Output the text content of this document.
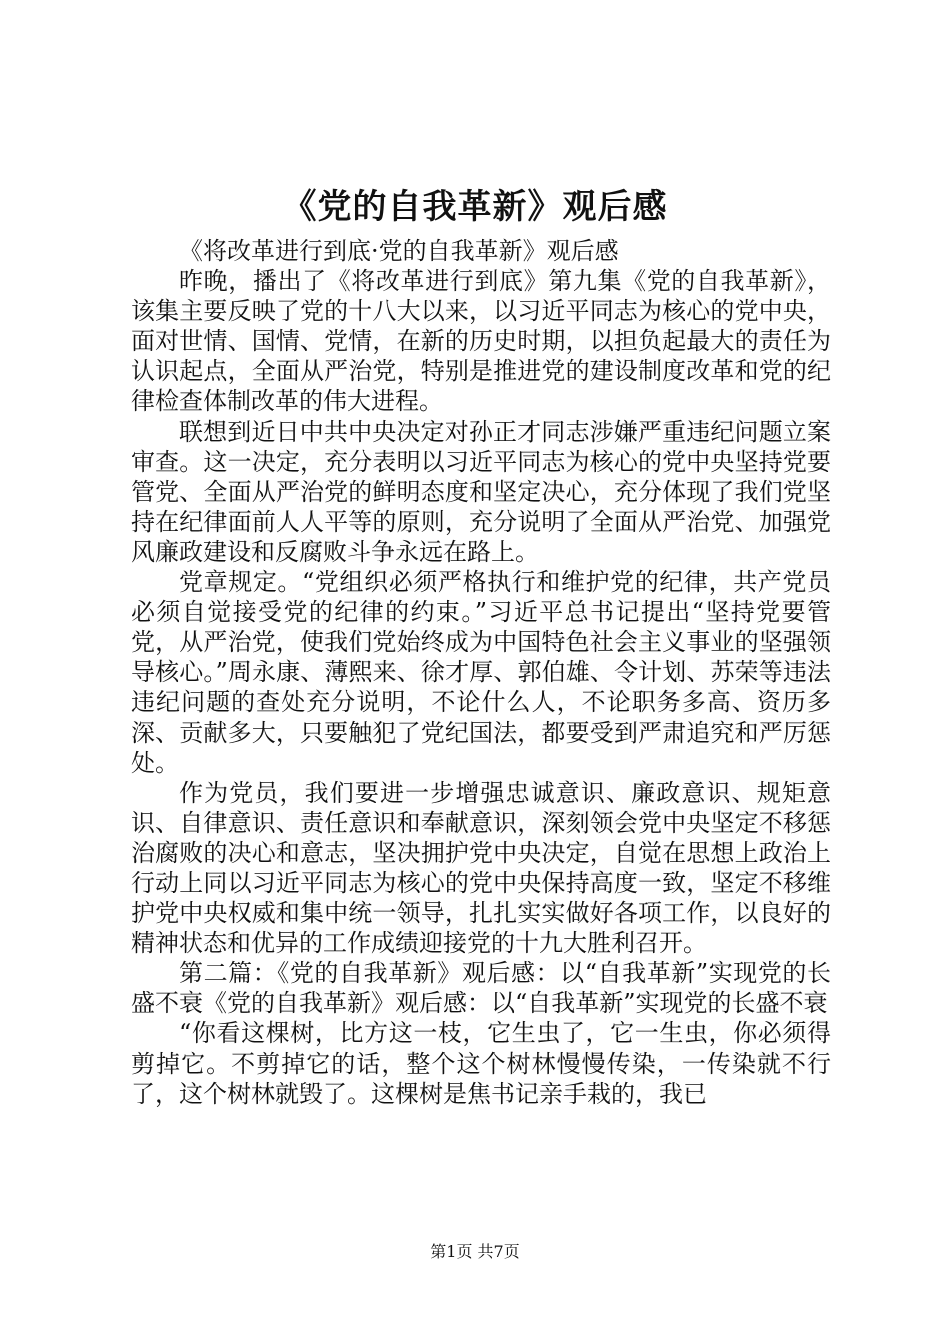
《党的自我革新》观后感

《将改革进行到底·党的自我革新》观后感

昨晚，播出了《将改革进行到底》第九集《党的自我革新》，该集主要反映了党的十八大以来，以习近平同志为核心的党中央，面对世情、国情、党情，在新的历史时期，以担负起最大的责任为认识起点，全面从严治党，特别是推进党的建设制度改革和党的纪律检查体制改革的伟大进程。

联想到近日中共中央决定对孙正才同志涉嫌严重违纪问题立案审查。这一决定，充分表明以习近平同志为核心的党中央坚持党要管党、全面从严治党的鲜明态度和坚定决心，充分体现了我们党坚持在纪律面前人人平等的原则，充分说明了全面从严治党、加强党风廉政建设和反腐败斗争永远在路上。

党章规定。“党组织必须严格执行和维护党的纪律，共产党员必须自觉接受党的纪律的约束。”习近平总书记提出“坚持党要管党，从严治党，使我们党始终成为中国特色社会主义事业的坚强领导核心。”周永康、薄熙来、徐才厚、郭伯雄、令计划、苏荣等违法违纪问题的查处充分说明，不论什么人，不论职务多高、资历多深、贡献多大，只要触犯了党纪国法，都要受到严肃追究和严厉惩处。

作为党员，我们要进一步增强忠诚意识、廉政意识、规矩意识、自律意识、责任意识和奉献意识，深刻领会党中央坚定不移惩治腐败的决心和意志，坚决拥护党中央决定，自觉在思想上政治上行动上同以习近平同志为核心的党中央保持高度一致，坚定不移维护党中央权威和集中统一领导，扎扎实实做好各项工作，以良好的精神状态和优异的工作成绩迎接党的十九大胜利召开。

第二篇：《党的自我革新》观后感：以“自我革新”实现党的长盛不衰《党的自我革新》观后感：以“自我革新”实现党的长盛不衰

“你看这棵树，比方这一枝，它生虫了，它一生虫，你必须得剪掉它。不剪掉它的话，整个这个树林慢慢传染，一传染就不行了，这个树林就毁了。这棵树是焦书记亲手栽的，我已

第1页 共7页
